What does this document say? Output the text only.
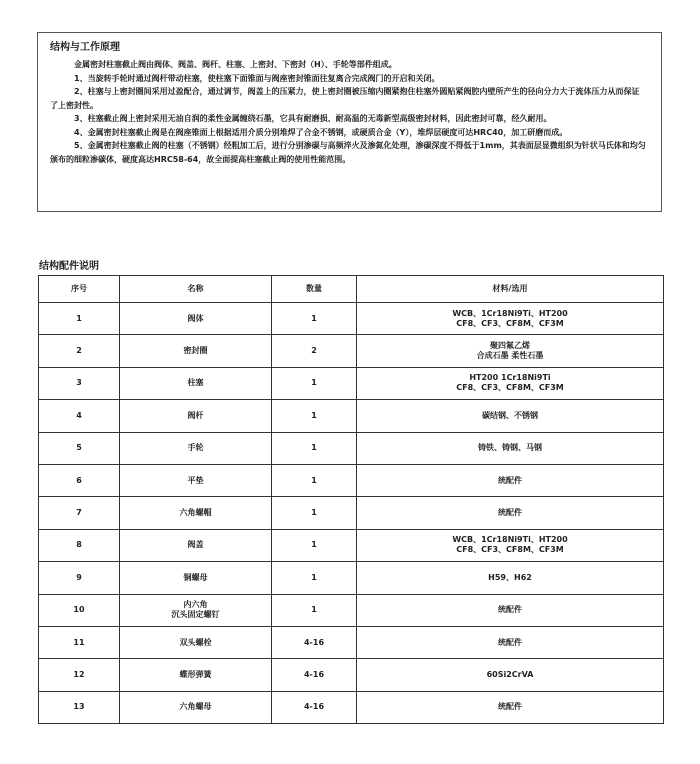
结构与工作原理

金属密封柱塞截止阀由阀体、阀盖、阀杆、柱塞、上密封、下密封（H）、手轮等部件组成。

1、当旋转手轮时通过阀杆带动柱塞，使柱塞下面锥面与阀座密封锥面往复离合完成阀门的开启和关闭。

2、柱塞与上密封圈间采用过盈配合，通过调节，阀盖上的压紧力，使上密封圈被压缩内圈紧抱住柱塞外圆贴紧阀腔内壁所产生的径向分力大于流体压力从而保证了上密封性。

3、柱塞截止阀上密封采用无油自润的柔性金属缠绕石墨，它具有耐磨损、耐高温的无毒新型高级密封材料，因此密封可靠，经久耐用。

4、金属密封柱塞截止阀是在阀座锥面上根据适用介质分别堆焊了合金不锈钢，或硬质合金（Y），堆焊层硬度可达HRC40，加工研磨而成。

5、金属密封柱塞截止阀的柱塞（不锈钢）经粗加工后，进行分别渗碳与高频淬火及渗氮化处理，渗碳深度不得低于1mm，其表面层显微组织为针状马氏体和均匀颁布的细粒渗碳体，硬度高达HRC58-64，故全面提高柱塞截止阀的使用性能范围。

结构配件说明

序号	名称	数量	材料/选用
1	阀体	1	WCB、1Cr18Ni9Ti、HT200
CF8、CF3、CF8M、CF3M
2	密封圈	2	聚四氟乙烯
合成石墨 柔性石墨
3	柱塞	1	HT200 1Cr18Ni9Ti
CF8、CF3、CF8M、CF3M
4	阀杆	1	碳结钢、不锈钢
5	手轮	1	铸铁、铸钢、马钢
6	平垫	1	统配件
7	六角螺帽	1	统配件
8	阀盖	1	WCB、1Cr18Ni9Ti、HT200
CF8、CF3、CF8M、CF3M
9	铜螺母	1	H59、H62
10	内六角
沉头固定螺钉	1	统配件
11	双头螺栓	4-16	统配件
12	蝶形弹簧	4-16	60Si2CrVA
13	六角螺母	4-16	统配件
